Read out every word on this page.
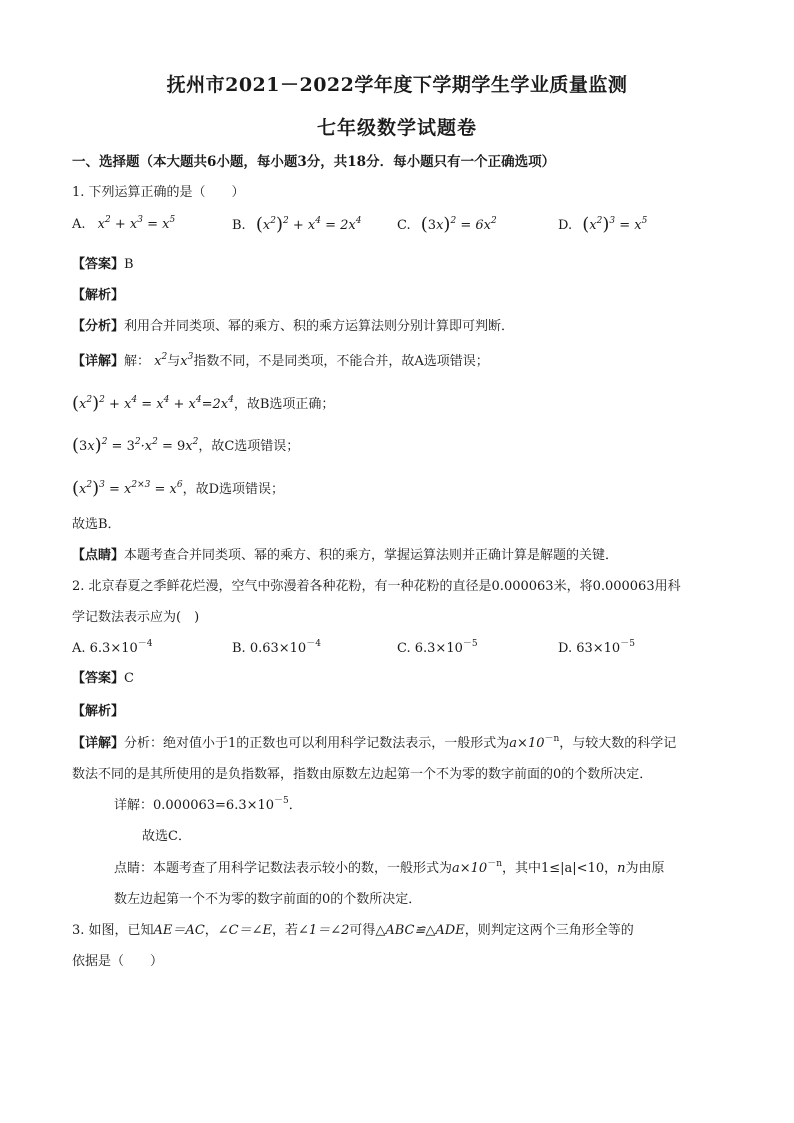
抚州市2021－2022学年度下学期学生学业质量监测
七年级数学试题卷
一、选择题（本大题共6小题，每小题3分，共18分．每小题只有一个正确选项）
1. 下列运算正确的是（　　）
A. $x^2 + x^3 = x^5$	B. $(x^2)^2 + x^4 = 2x^4$	C. $(3x)^2 = 6x^2$	D. $(x^2)^3 = x^5$
【答案】B
【解析】
【分析】利用合并同类项、幂的乘方、积的乘方运算法则分别计算即可判断．
【详解】解： $x^2$与$x^3$指数不同，不是同类项，不能合并，故A选项错误；
$(x^2)^2 + x^4 = x^4 + x^4=2x^4$，故B选项正确；
$(3x)^2 = 3^2\cdot x^2 = 9x^2$，故C选项错误；
$(x^2)^3 = x^{2\times 3} = x^6$，故D选项错误；
故选B．
【点睛】本题考查合并同类项、幂的乘方、积的乘方，掌握运算法则并正确计算是解题的关键．
2. 北京春夏之季鲜花烂漫，空气中弥漫着各种花粉，有一种花粉的直径是0.000063米，将0.000063用科
学记数法表示应为(　)
A. $6.3\times 10^{-4}$	B. $0.63\times 10^{-4}$	C. $6.3\times 10^{-5}$	D. $63\times 10^{-5}$
【答案】C
【解析】
【详解】分析：绝对值小于1的正数也可以利用科学记数法表示，一般形式为$a\times 10^{-n}$，与较大数的科学记
数法不同的是其所使用的是负指数幂，指数由原数左边起第一个不为零的数字前面的0的个数所决定．
详解：$0.000063=6.3\times 10^{-5}$．
故选C．
点睛：本题考查了用科学记数法表示较小的数，一般形式为$a\times 10^{-n}$，其中1≤|a|<10，n为由原
数左边起第一个不为零的数字前面的0的个数所决定．
3. 如图，已知AE＝AC，∠C＝∠E，若∠1＝∠2可得△ABC≌△ADE，则判定这两个三角形全等的
依据是（　　）
